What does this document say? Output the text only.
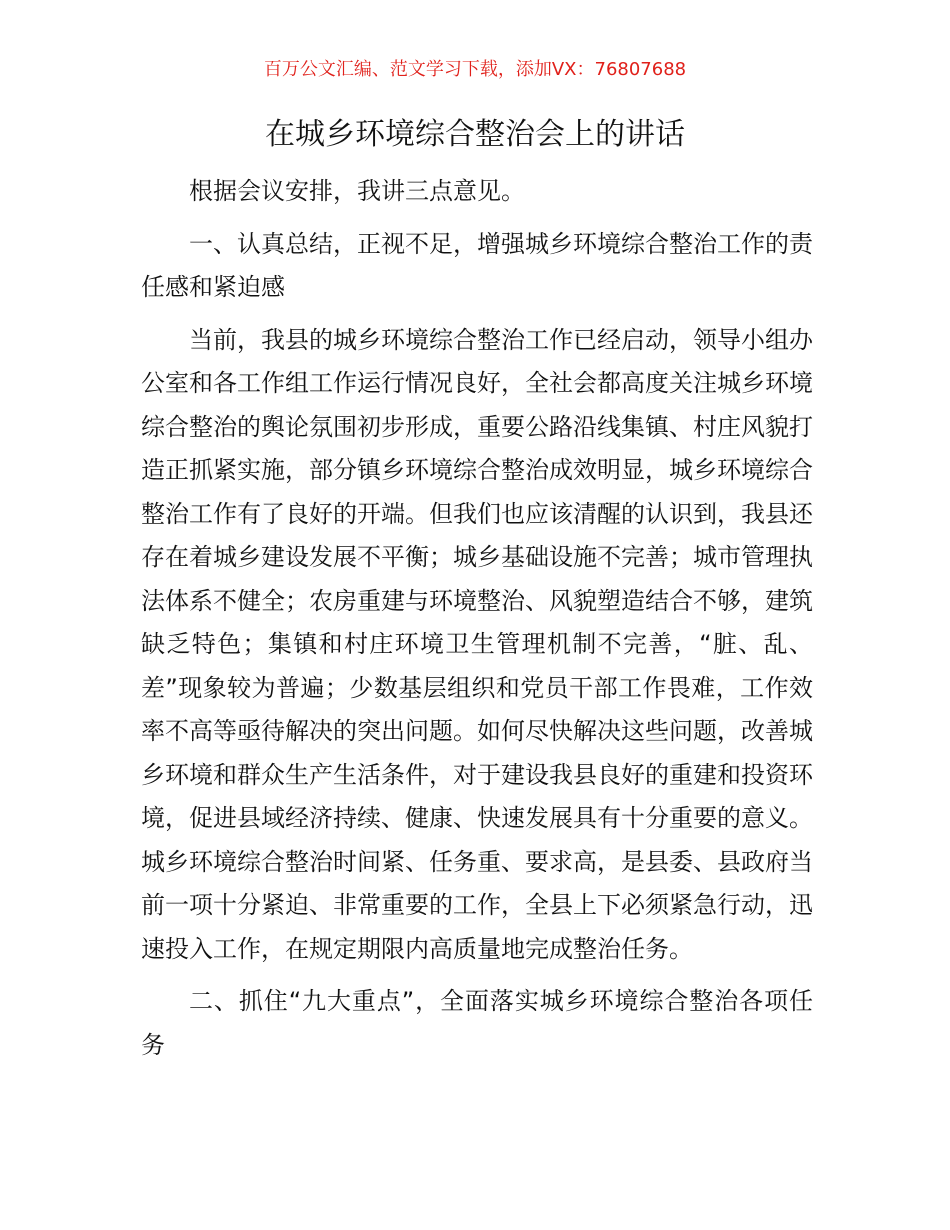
百万公文汇编、范文学习下载，添加VX：76807688
在城乡环境综合整治会上的讲话

根据会议安排，我讲三点意见。

一、认真总结，正视不足，增强城乡环境综合整治工作的责任感和紧迫感

当前，我县的城乡环境综合整治工作已经启动，领导小组办公室和各工作组工作运行情况良好，全社会都高度关注城乡环境综合整治的舆论氛围初步形成，重要公路沿线集镇、村庄风貌打造正抓紧实施，部分镇乡环境综合整治成效明显，城乡环境综合整治工作有了良好的开端。但我们也应该清醒的认识到，我县还存在着城乡建设发展不平衡；城乡基础设施不完善；城市管理执法体系不健全；农房重建与环境整治、风貌塑造结合不够，建筑缺乏特色；集镇和村庄环境卫生管理机制不完善，“脏、乱、差”现象较为普遍；少数基层组织和党员干部工作畏难，工作效率不高等亟待解决的突出问题。如何尽快解决这些问题，改善城乡环境和群众生产生活条件，对于建设我县良好的重建和投资环境，促进县域经济持续、健康、快速发展具有十分重要的意义。城乡环境综合整治时间紧、任务重、要求高，是县委、县政府当前一项十分紧迫、非常重要的工作，全县上下必须紧急行动，迅速投入工作，在规定期限内高质量地完成整治任务。

二、抓住“九大重点”，全面落实城乡环境综合整治各项任务
